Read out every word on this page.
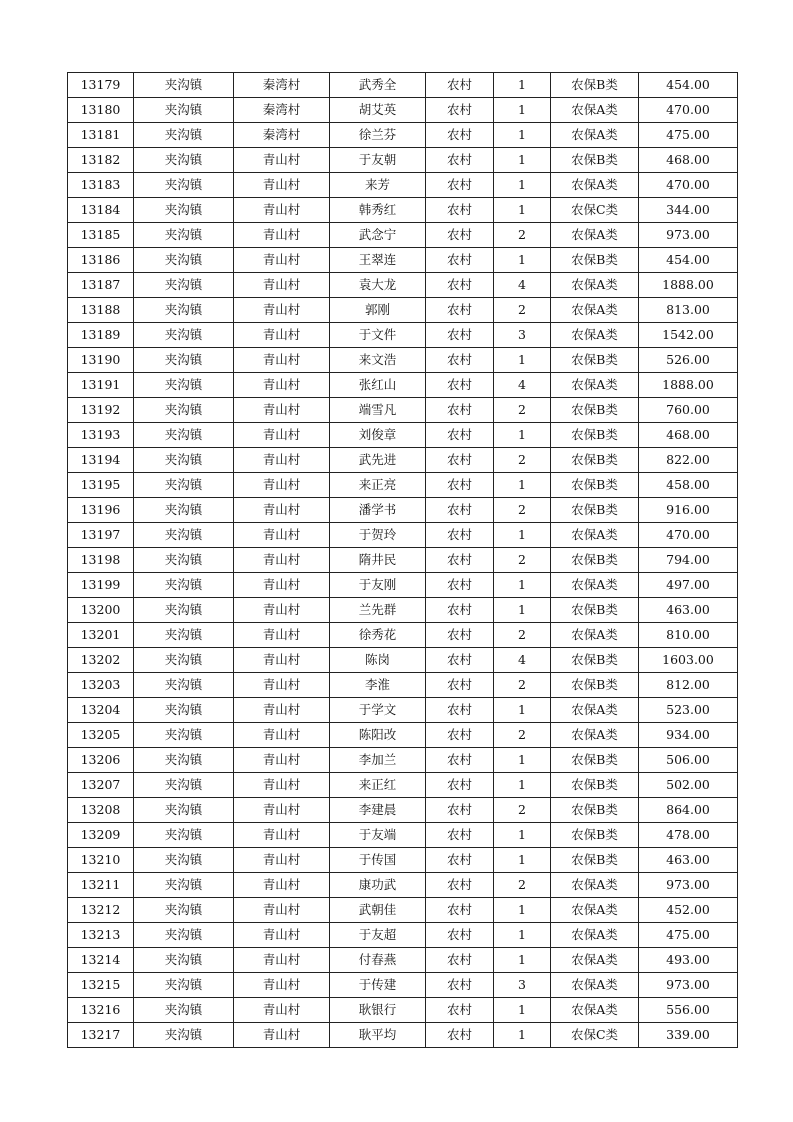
13179	夹沟镇	秦湾村	武秀全	农村	1	农保B类	454.00
13180	夹沟镇	秦湾村	胡艾英	农村	1	农保A类	470.00
13181	夹沟镇	秦湾村	徐兰芬	农村	1	农保A类	475.00
13182	夹沟镇	青山村	于友朝	农村	1	农保B类	468.00
13183	夹沟镇	青山村	来芳	农村	1	农保A类	470.00
13184	夹沟镇	青山村	韩秀红	农村	1	农保C类	344.00
13185	夹沟镇	青山村	武念宁	农村	2	农保A类	973.00
13186	夹沟镇	青山村	王翠连	农村	1	农保B类	454.00
13187	夹沟镇	青山村	袁大龙	农村	4	农保A类	1888.00
13188	夹沟镇	青山村	郭刚	农村	2	农保A类	813.00
13189	夹沟镇	青山村	于文件	农村	3	农保A类	1542.00
13190	夹沟镇	青山村	来文浩	农村	1	农保B类	526.00
13191	夹沟镇	青山村	张红山	农村	4	农保A类	1888.00
13192	夹沟镇	青山村	端雪凡	农村	2	农保B类	760.00
13193	夹沟镇	青山村	刘俊章	农村	1	农保B类	468.00
13194	夹沟镇	青山村	武先进	农村	2	农保B类	822.00
13195	夹沟镇	青山村	来正亮	农村	1	农保B类	458.00
13196	夹沟镇	青山村	潘学书	农村	2	农保B类	916.00
13197	夹沟镇	青山村	于贺玲	农村	1	农保A类	470.00
13198	夹沟镇	青山村	隋井民	农村	2	农保B类	794.00
13199	夹沟镇	青山村	于友刚	农村	1	农保A类	497.00
13200	夹沟镇	青山村	兰先群	农村	1	农保B类	463.00
13201	夹沟镇	青山村	徐秀花	农村	2	农保A类	810.00
13202	夹沟镇	青山村	陈岗	农村	4	农保B类	1603.00
13203	夹沟镇	青山村	李淮	农村	2	农保B类	812.00
13204	夹沟镇	青山村	于学文	农村	1	农保A类	523.00
13205	夹沟镇	青山村	陈阳改	农村	2	农保A类	934.00
13206	夹沟镇	青山村	李加兰	农村	1	农保B类	506.00
13207	夹沟镇	青山村	来正红	农村	1	农保B类	502.00
13208	夹沟镇	青山村	李建晨	农村	2	农保B类	864.00
13209	夹沟镇	青山村	于友端	农村	1	农保B类	478.00
13210	夹沟镇	青山村	于传国	农村	1	农保B类	463.00
13211	夹沟镇	青山村	康功武	农村	2	农保A类	973.00
13212	夹沟镇	青山村	武朝佳	农村	1	农保A类	452.00
13213	夹沟镇	青山村	于友超	农村	1	农保A类	475.00
13214	夹沟镇	青山村	付春燕	农村	1	农保A类	493.00
13215	夹沟镇	青山村	于传建	农村	3	农保A类	973.00
13216	夹沟镇	青山村	耿银行	农村	1	农保A类	556.00
13217	夹沟镇	青山村	耿平均	农村	1	农保C类	339.00
